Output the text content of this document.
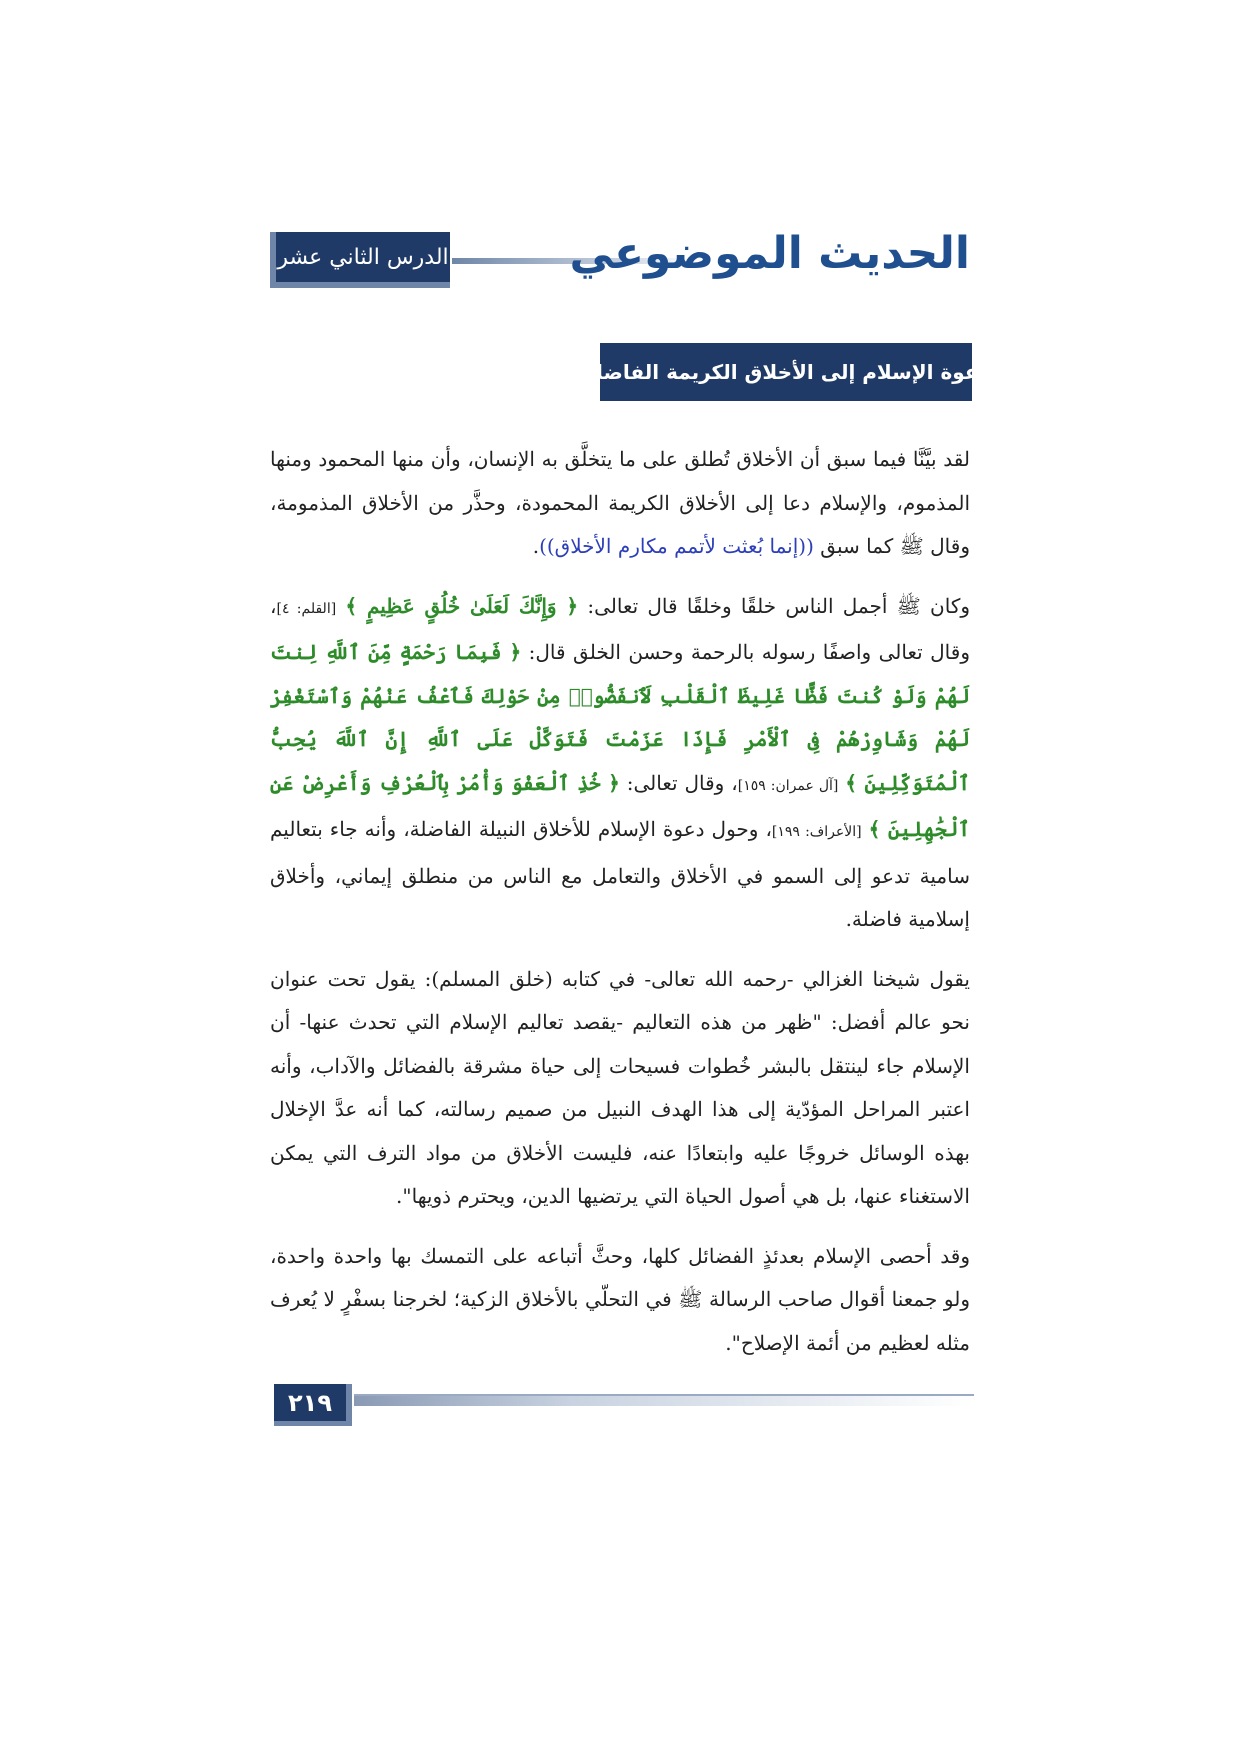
الدرس الثاني عشر	الحديث الموضوعي
دعوة الإسلام إلى الأخلاق الكريمة الفاضلة

لقد بيَّنَّا فيما سبق أن الأخلاق تُطلق على ما يتخلَّق به الإنسان، وأن منها المحمود ومنها المذموم، والإسلام دعا إلى الأخلاق الكريمة المحمودة، وحذَّر من الأخلاق المذمومة، وقال ﷺ كما سبق ((إنما بُعثت لأتمم مكارم الأخلاق)).

وكان ﷺ أجمل الناس خلقًا وخلقًا قال تعالى: ﴿ وَإِنَّكَ لَعَلَىٰ خُلُقٍ عَظِيمٍ ﴾ [القلم: ٤]، وقال تعالى واصفًا رسوله بالرحمة وحسن الخلق قال: ﴿ فَبِمَا رَحْمَةٍ مِّنَ ٱللَّهِ لِنتَ لَهُمْ وَلَوْ كُنتَ فَظًّا غَلِيظَ ٱلْقَلْبِ لَٱنفَضُّوا۟ مِنْ حَوْلِكَ فَٱعْفُ عَنْهُمْ وَٱسْتَغْفِرْ لَهُمْ وَشَاوِرْهُمْ فِى ٱلْأَمْرِ فَإِذَا عَزَمْتَ فَتَوَكَّلْ عَلَى ٱللَّهِ إِنَّ ٱللَّهَ يُحِبُّ ٱلْمُتَوَكِّلِينَ ﴾ [آل عمران: ١٥٩]، وقال تعالى: ﴿ خُذِ ٱلْعَفْوَ وَأْمُرْ بِٱلْعُرْفِ وَأَعْرِضْ عَنِ ٱلْجَٰهِلِينَ ﴾ [الأعراف: ١٩٩]، وحول دعوة الإسلام للأخلاق النبيلة الفاضلة، وأنه جاء بتعاليم سامية تدعو إلى السمو في الأخلاق والتعامل مع الناس من منطلق إيماني، وأخلاق إسلامية فاضلة.

يقول شيخنا الغزالي -رحمه الله تعالى- في كتابه (خلق المسلم): يقول تحت عنوان نحو عالم أفضل: "ظهر من هذه التعاليم -يقصد تعاليم الإسلام التي تحدث عنها- أن الإسلام جاء لينتقل بالبشر خُطوات فسيحات إلى حياة مشرقة بالفضائل والآداب، وأنه اعتبر المراحل المؤدّية إلى هذا الهدف النبيل من صميم رسالته، كما أنه عدَّ الإخلال بهذه الوسائل خروجًا عليه وابتعادًا عنه، فليست الأخلاق من مواد الترف التي يمكن الاستغناء عنها، بل هي أصول الحياة التي يرتضيها الدين، ويحترم ذويها".

وقد أحصى الإسلام بعدئذٍ الفضائل كلها، وحثَّ أتباعه على التمسك بها واحدة واحدة، ولو جمعنا أقوال صاحب الرسالة ﷺ في التحلّي بالأخلاق الزكية؛ لخرجنا بسفْرٍ لا يُعرف مثله لعظيم من أئمة الإصلاح".

٢١٩
